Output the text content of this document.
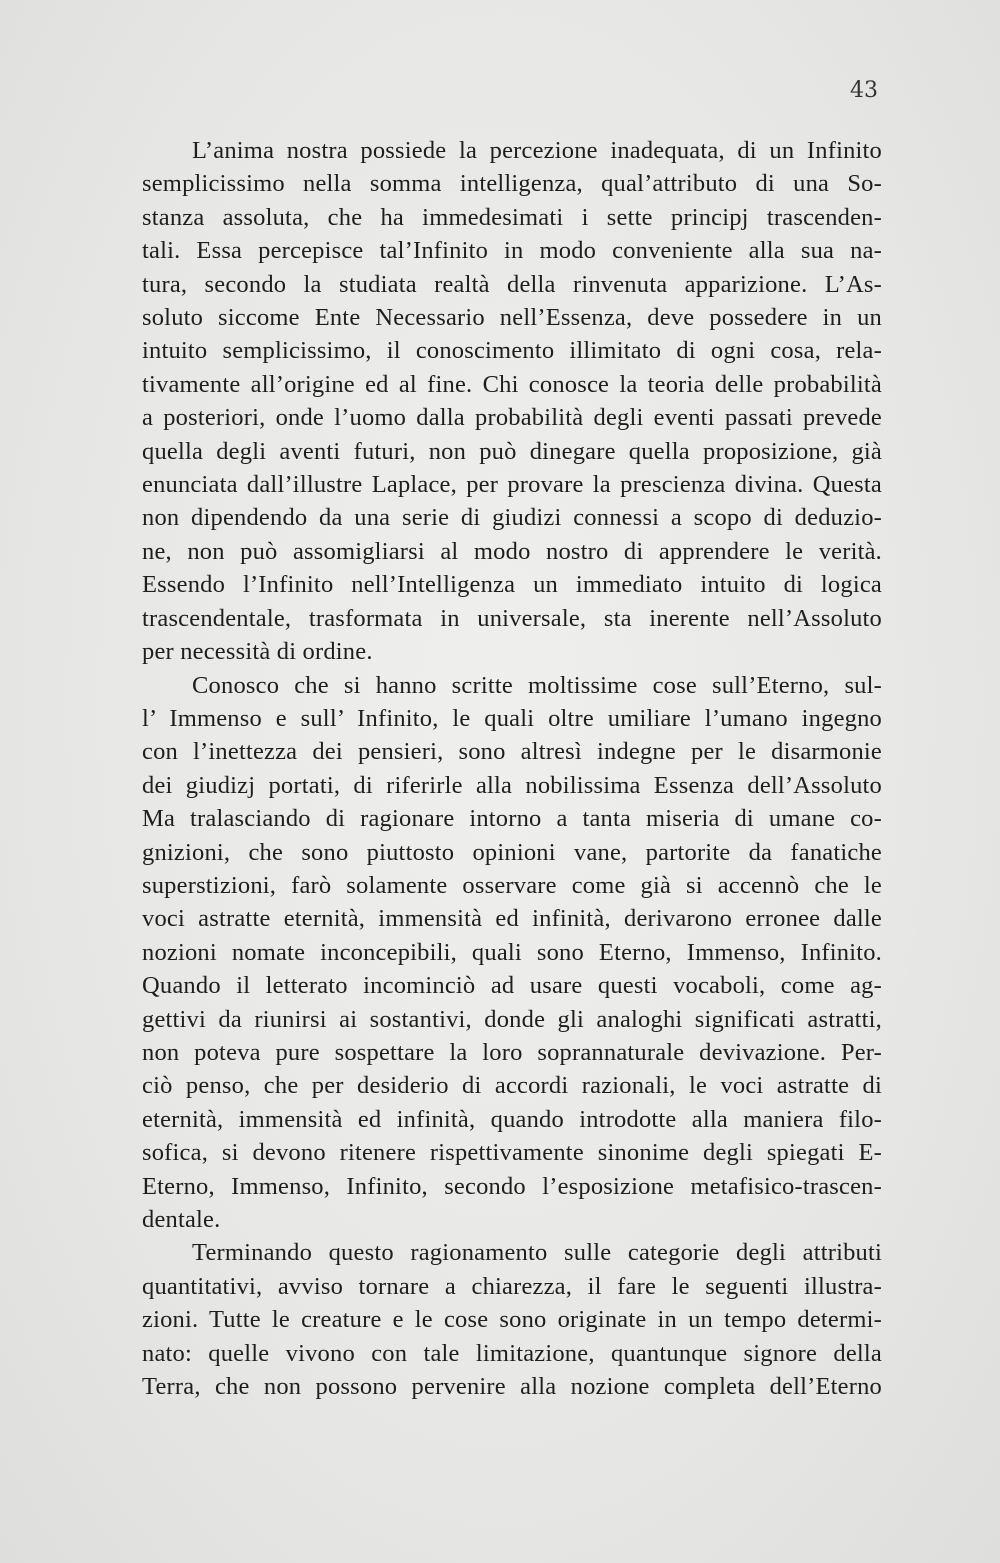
43
L’anima nostra possiede la percezione inadequata, di un Infinito
semplicissimo nella somma intelligenza, qual’attributo di una So-
stanza assoluta, che ha immedesimati i sette principj trascenden-
tali. Essa percepisce tal’Infinito in modo conveniente alla sua na-
tura, secondo la studiata realtà della rinvenuta apparizione. L’As-
soluto siccome Ente Necessario nell’Essenza, deve possedere in un
intuito semplicissimo, il conoscimento illimitato di ogni cosa, rela-
tivamente all’origine ed al fine. Chi conosce la teoria delle probabilità
a posteriori, onde l’uomo dalla probabilità degli eventi passati prevede
quella degli aventi futuri, non può dinegare quella proposizione, già
enunciata dall’illustre Laplace, per provare la prescienza divina. Questa
non dipendendo da una serie di giudizi connessi a scopo di deduzio-
ne, non può assomigliarsi al modo nostro di apprendere le verità.
Essendo l’Infinito nell’Intelligenza un immediato intuito di logica
trascendentale, trasformata in universale, sta inerente nell’Assoluto
per necessità di ordine.
Conosco che si hanno scritte moltissime cose sull’Eterno, sul-
l’ Immenso e sull’ Infinito, le quali oltre umiliare l’umano ingegno
con l’inettezza dei pensieri, sono altresì indegne per le disarmonie
dei giudizj portati, di riferirle alla nobilissima Essenza dell’Assoluto
Ma tralasciando di ragionare intorno a tanta miseria di umane co-
gnizioni, che sono piuttosto opinioni vane, partorite da fanatiche
superstizioni, farò solamente osservare come già si accennò che le
voci astratte eternità, immensità ed infinità, derivarono erronee dalle
nozioni nomate inconcepibili, quali sono Eterno, Immenso, Infinito.
Quando il letterato incominciò ad usare questi vocaboli, come ag-
gettivi da riunirsi ai sostantivi, donde gli analoghi significati astratti,
non poteva pure sospettare la loro soprannaturale devivazione. Per-
ciò penso, che per desiderio di accordi razionali, le voci astratte di
eternità, immensità ed infinità, quando introdotte alla maniera filo-
sofica, si devono ritenere rispettivamente sinonime degli spiegati E-
Eterno, Immenso, Infinito, secondo l’esposizione metafisico-trascen-
dentale.
Terminando questo ragionamento sulle categorie degli attributi
quantitativi, avviso tornare a chiarezza, il fare le seguenti illustra-
zioni. Tutte le creature e le cose sono originate in un tempo determi-
nato: quelle vivono con tale limitazione, quantunque signore della
Terra, che non possono pervenire alla nozione completa dell’Eterno
